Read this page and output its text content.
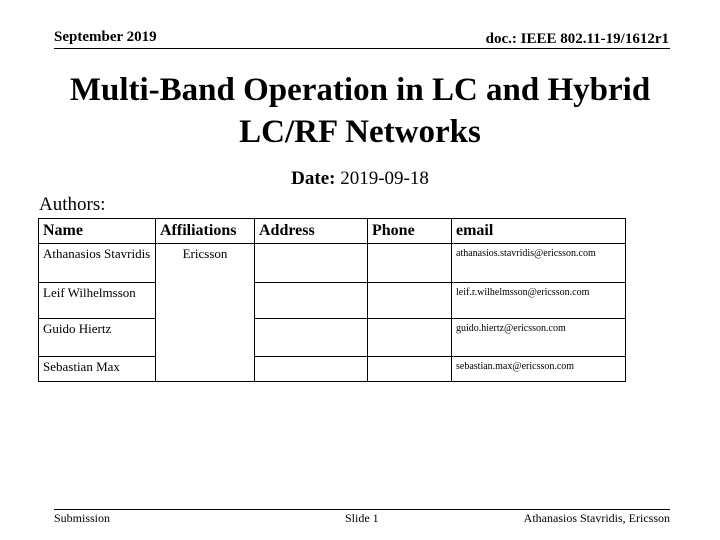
September 2019	doc.: IEEE 802.11-19/1612r1
Multi-Band Operation in LC and Hybrid
LC/RF Networks
Date: 2019-09-18
Authors:
Name	Affiliations	Address	Phone	email
Athanasios Stavridis	Ericsson			athanasios.stavridis@ericsson.com
Leif Wilhelmsson				leif.r.wilhelmsson@ericsson.com
Guido Hiertz				guido.hiertz@ericsson.com
Sebastian Max				sebastian.max@ericsson.com
Submission	Slide 1	Athanasios Stavridis, Ericsson
